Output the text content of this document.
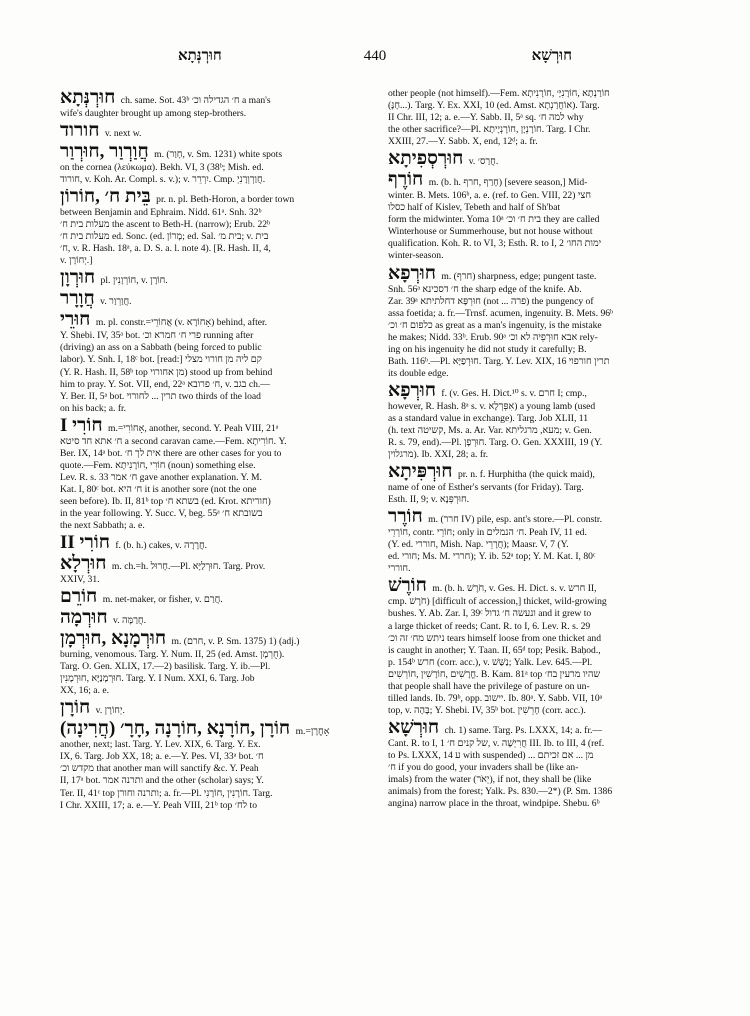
חוּרְנְּתָא	440	חוּרְשָׁא
חוּרְנְּתָא ch. same. Sot. 43ᵇ ח׳ הגדילה וכ׳ a man's
wife's daughter brought up among step-brothers.
חורוד v. next w.
חֲוַרְוַר ,חוּרְוַר m. (חָוַר, v. Sm. 1231) white spots
on the cornea (λεύκωμα). Bekh. VI, 3 (38ᵇ; Mish. ed.
חורוד, v. Koh. Ar. Compl. s. v.); v. יִרְרֵר. Cmp. חֲוַרְוְרָנִיְ.
בֵּית ח׳ ,חוֹרוֹן pr. n. pl. Beth-Horon, a border town
between Benjamin and Ephraim. Nidd. 61ᵃ. Snh. 32ᵇ
מעלות בית ח׳ the ascent to Beth-H. (narrow); Erub. 22ᵇ
מעלות בית ח׳ ed. Sonc. (ed. מָרוֹן; ed. Sal. בית מ׳; v. בית
ח׳, v. R. Hash. 18ᵃ, a. D. S. a. l. note 4). [R. Hash. II, 4,
v. יְחוֹרָן.]
חוּרְוָן pl. חוֹרְוָנִין, v. חוֹרָן.
חֲוָרָר v. חֲוַרְוַר.
חוּרֵי m. pl. constr.=אֲחוֹרֵי (v. אָחוֹרָא) behind, after.
Y. Shebi. IV, 35ᵃ bot. פרי ח׳ חמרא וכ׳ running after
(driving) an ass on a Sabbath (being forced to public
labor). Y. Snh. I, 18ᶜ bot. [read:] קם ליה מן חורוי מצלי
(Y. R. Hash. II, 58ᵇ top מן אחורוי) stood up from behind
him to pray. Y. Sot. VII, end, 22ᵃ ח׳ פרובא, v. בגב ch.—
Y. Ber. II, 5ᵃ bot. תרין ... לחורוי two thirds of the load
on his back; a. fr.
חוֹרִי I m.=אָחוֹרִי, another, second. Y. Peah VIII, 21ᵃ
ח׳ אתא חד סיטא a second caravan came.—Fem. חוֹרִיתָא. Y.
Ber. IX, 14ᵃ bot. אית לך ח׳ there are other cases for you to
quote.—Fem. חוֹרִי ,חוֹרָנִיתָא (noun) something else.
Lev. R. s. 33 ח׳ אמר gave another explanation. Y. M.
Kat. I, 80ᶜ bot. ח׳ היא it is another sore (not the one
seen before). Ib. II, 81ᵇ top בשתא ח׳ (ed. Krot. חוריתא)
in the year following. Y. Succ. V, beg. 55ᵃ בשובתא ח׳
the next Sabbath; a. e.
חוֹרִי II f. (b. h.) cakes, v. חֲרָרָה.
חוּרְלָא m. ch.=h. חָרוּל.—Pl. חוּרְלַיָּא. Targ. Prov.
XXIV, 31.
חוֹרֵם m. net-maker, or fisher, v. חֲרַם.
חוּרְמָה v. חֲרַמָּה.
חוּרְמָנָא ,חוּרְמָן m. (חרם, v. P. Sm. 1375) 1) (adj.)
burning, venomous. Targ. Y. Num. II, 25 (ed. Amst. חֻרְמָן).
Targ. O. Gen. XLIX, 17.—2) basilisk. Targ. Y. ib.—Pl.
חוּרְמָנַיָּא ,חוּרְמָנִין. Targ. Y. I Num. XXI, 6. Targ. Job
XX, 16; a. e.
חוֹרָן v. יְחוֹרָן.
חוֹרָן ,חוֹרָנָא ,חוֹרָנָה ,חָרָ׳ (חֲרִינָה) m.=אָחֳרָן
another, next; last. Targ. Y. Lev. XIX, 6. Targ. Y. Ex.
IX, 6. Targ. Job XX, 18; a. e.—Y. Pes. VI, 33ᵃ bot. ח׳
מקדש וכ׳ that another man will sanctify &c. Y. Peah
II, 17ᵃ bot. ותרנה אמר and the other (scholar) says; Y.
Ter. II, 41ᶜ top ותרנה וחורן; a. fr.—Pl. חוֹרָנִין ,חוֹרָנִי. Targ.
I Chr. XXIII, 17; a. e.—Y. Peah VIII, 21ᵇ top לח׳ to
other people (not himself).—Fem. חוֹרַנְתָא ,חוֹרָנִיָּ׳ ,חוֹרָנִיתָא
(חָנָּ...). Targ. Y. Ex. XXI, 10 (ed. Amst. אוֹחֲרַנְתָא). Targ.
II Chr. III, 12; a. e.—Y. Sabb. II, 5ᵃ sq. למה ח׳ why
the other sacrifice?—Pl. חוֹרָנְיָן ,חוֹרָנְיָיתָא. Targ. I Chr.
XXIII, 27.—Y. Sabb. X, end, 12ᵈ; a. fr.
חוּרְסְפִיתָא v. חֲרַס׳.
חוֹרֶף m. (b. h. חָרַף ,חרף) [severe season,] Mid-
winter. B. Mets. 106ᵇ, a. e. (ref. to Gen. VIII, 22) חצי
כסלו half of Kislev, Tebeth and half of Sh'bat
form the midwinter. Yoma 10ᵃ בית ח׳ וכ׳ they are called
Winterhouse or Summerhouse, but not house without
qualification. Koh. R. to VI, 3; Esth. R. to I, 2 ימות החו׳
winter-season.
חוּרְפָא m. (חרף) sharpness, edge; pungent taste.
Snh. 56ᵃ ח׳ דסכינא the sharp edge of the knife. Ab.
Zar. 39ᵃ חוּרְפָּא דחלתיתא (not ... פרה) the pungency of
assa foetida; a. fr.—Trnsf. acumen, ingenuity. B. Mets. 96ᵇ
כלפום ח׳ וכ׳ as great as a man's ingenuity, is the mistake
he makes; Nidd. 33ᵇ. Erub. 90ᵃ אבא חוּרְפֵיה לא וכ׳ rely-
ing on his ingenuity he did not study it carefully; B.
Bath. 116ᵇ.—Pl. חוּרְפַיָּא. Targ. Y. Lev. XIX, 16 תרין חורפוי
its double edge.
חוּרְפָא f. (v. Ges. H. Dict.¹⁰ s. v. חרם I; cmp.,
however, R. Hash. 8ᵃ s. v. אִפְּרְלָא) a young lamb (used
as a standard value in exchange). Targ. Job XLII, 11
(h. text קשיטה, Ms. a. Ar. Var. מעא, מרגליתא; v. Gen.
R. s. 79, end).—Pl. חוּרְפָן. Targ. O. Gen. XXXIII, 19 (Y.
מרגלוין). Ib. XXI, 28; a. fr.
חוּרְפִּיתָא pr. n. f. Hurphitha (the quick maid),
name of one of Esther's servants (for Friday). Targ.
Esth. II, 9; v. חוּרְפְּנָא.
חוֹרֶר m. (חרר IV) pile, esp. ant's store.—Pl. constr.
חוֹרְרֵי, contr. חוֹרֵי; only in ח׳ הנמלים. Peah IV, 11 ed.
(Y. ed. חוררי, Mish. Nap. חֲרָרֵי); Maasr. V, 7 (Y.
ed. חורי; Ms. M. חררי); Y. ib. 52ᵃ top; Y. M. Kat. I, 80ᶜ
חוררי.
חוֹרֶשׁ m. (b. h. חֹרֶשׁ, v. Ges. H. Dict. s. v. חרש II,
cmp. חֹרֶשׁ) [difficult of accession,] thicket, wild-growing
bushes. Y. Ab. Zar. I, 39ᶜ ונעשה ח׳ גדול and it grew to
a large thicket of reeds; Cant. R. to I, 6. Lev. R. s. 29
ניתש מח׳ זה וכ׳ tears himself loose from one thicket and
is caught in another; Y. Taan. II, 65ᵈ top; Pesik. Baḥod.,
p. 154ᵇ חרש (corr. acc.), v. נַשַּׁשׁ; Yalk. Lev. 645.—Pl.
חֳרָשִׁים ,חוֹרָשִׁין ,חוֹרְשִׁים. B. Kam. 81ᵃ top שהיו מרעין בח׳
that people shall have the privilege of pasture on un-
tilled lands. Ib. 79ᵇ, opp. יישוב. Ib. 80ᵃ. Y. Sabb. VII, 10ᵃ
top, v. בָּהָה; Y. Shebi. IV, 35ᵇ bot. חָרֵשִׁין (corr. acc.).
חוּרְשָׁא ch. 1) same. Targ. Ps. LXXX, 14; a. fr.—
Cant. R. to I, 1 של קנים ח׳, v. חֲרִיְשָׁה III. Ib. to III, 4 (ref.
to Ps. LXXX, 14 ע with suspended) ... מן ... אם זכיתם
ח׳ if you do good, your invaders shall be (like an-
imals) from the water (יְאֹר), if not, they shall be (like
animals) from the forest; Yalk. Ps. 830.—2*) (P. Sm. 1386
angina) narrow place in the throat, windpipe. Shebu. 6ᵇ
